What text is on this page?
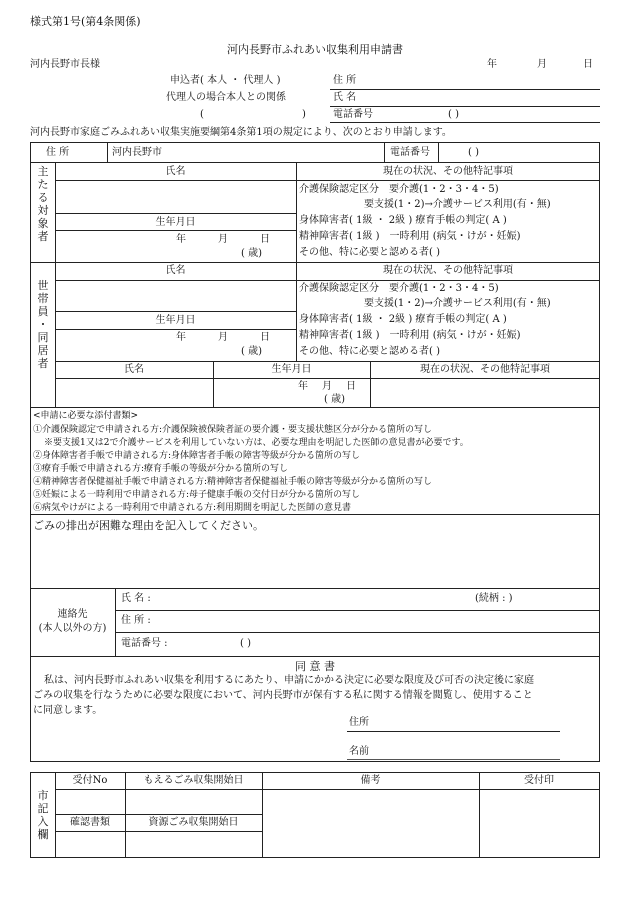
様式第1号(第4条関係)
河内長野市ふれあい収集利用申請書
河内長野市長様	年	月	日
申込者( 本人 ・ 代理人 )
代理人の場合本人との関係
(	)
住 所
氏 名
電話番号	( )
河内長野市家庭ごみふれあい収集実施要綱第4条第1項の規定により、次のとおり申請します。
住 所	河内長野市	電話番号	( )
主
た
る
対
象
者
氏名	現在の状況、その他特記事項
生年月日
年	月	日
( 歳)
介護保険認定区分　要介護(1・2・3・4・5)
要支援(1・2)→介護サービス利用(有・無)
身体障害者( 1級 ・ 2級 ) 療育手帳の判定( A )
精神障害者( 1級 )　一時利用 (病気・けが・妊娠)
その他、特に必要と認める者( )
世
帯
員
・
同
居
者
氏名	現在の状況、その他特記事項
生年月日
年	月	日
( 歳)
介護保険認定区分　要介護(1・2・3・4・5)
要支援(1・2)→介護サービス利用(有・無)
身体障害者( 1級 ・ 2級 ) 療育手帳の判定( A )
精神障害者( 1級 )　一時利用 (病気・けが・妊娠)
その他、特に必要と認める者( )
氏名	生年月日	現在の状況、その他特記事項
年 月 日
( 歳)
<申請に必要な添付書類>
①介護保険認定で申請される方:介護保険被保険者証の要介護・要支援状態区分が分かる箇所の写し
※要支援1又は2で介護サービスを利用していない方は、必要な理由を明記した医師の意見書が必要です。
②身体障害者手帳で申請される方:身体障害者手帳の障害等級が分かる箇所の写し
③療育手帳で申請される方:療育手帳の等級が分かる箇所の写し
④精神障害者保健福祉手帳で申請される方:精神障害者保健福祉手帳の障害等級が分かる箇所の写し
⑤妊娠による一時利用で申請される方:母子健康手帳の交付日が分かる箇所の写し
⑥病気やけがによる一時利用で申請される方:利用期間を明記した医師の意見書
ごみの排出が困難な理由を記入してください。
連絡先
(本人以外の方)
氏 名 :	(続柄 : )
住 所 :
電話番号 :	( )
同 意 書
私は、河内長野市ふれあい収集を利用するにあたり、申請にかかる決定に必要な限度及び可否の決定後に家庭
ごみの収集を行なうために必要な限度において、河内長野市が保有する私に関する情報を閲覧し、使用すること
に同意します。
住所
名前
市
記
入
欄
受付No	もえるごみ収集開始日	備考	受付印
確認書類	資源ごみ収集開始日
